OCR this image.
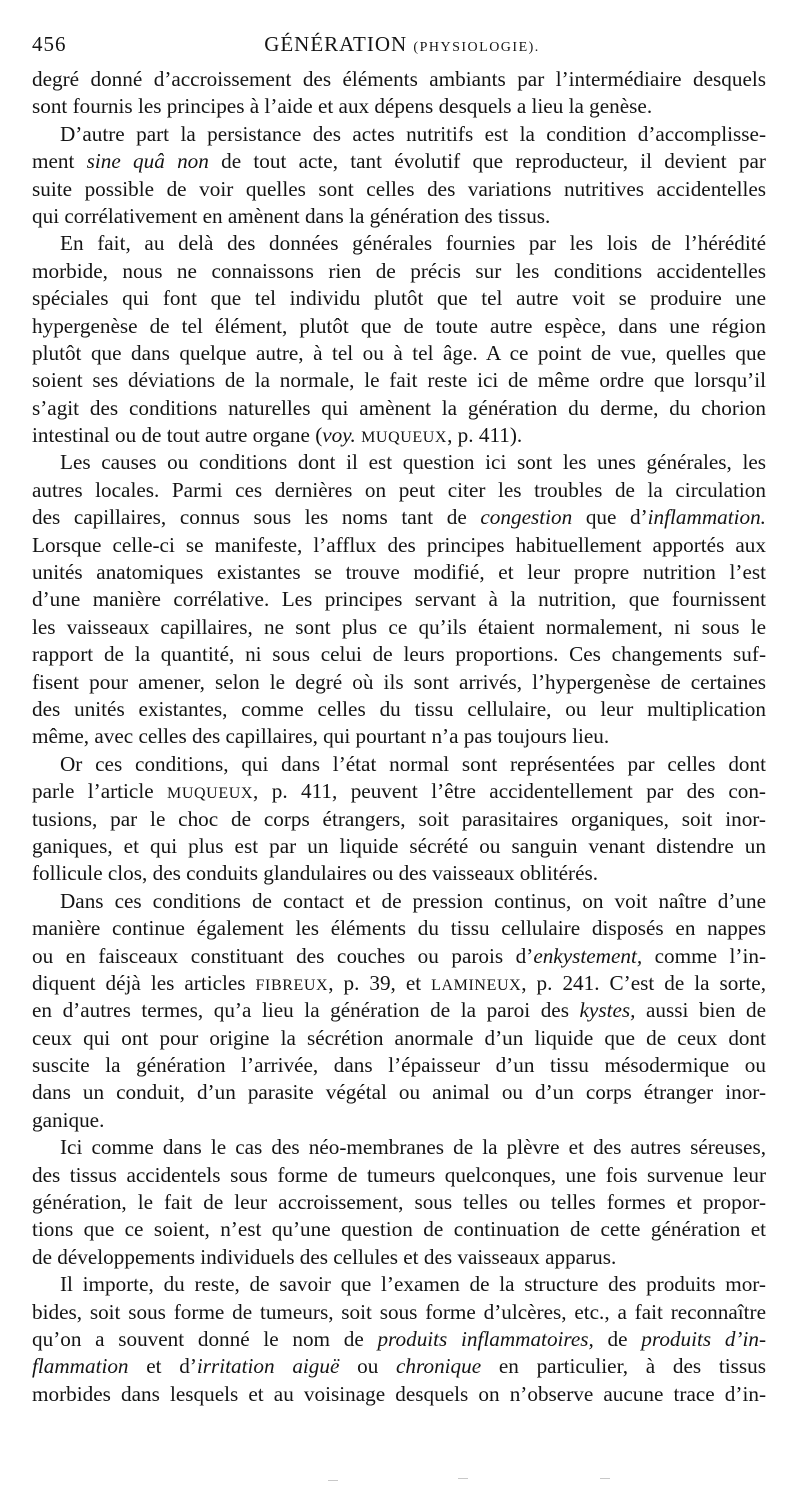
456	GÉNÉRATION (PHYSIOLOGIE).
degré donné d’accroissement des éléments ambiants par l’intermédiaire desquels
sont fournis les principes à l’aide et aux dépens desquels a lieu la genèse.
D’autre part la persistance des actes nutritifs est la condition d’accomplisse-
ment sine quâ non de tout acte, tant évolutif que reproducteur, il devient par
suite possible de voir quelles sont celles des variations nutritives accidentelles
qui corrélativement en amènent dans la génération des tissus.
En fait, au delà des données générales fournies par les lois de l’hérédité
morbide, nous ne connaissons rien de précis sur les conditions accidentelles
spéciales qui font que tel individu plutôt que tel autre voit se produire une
hypergenèse de tel élément, plutôt que de toute autre espèce, dans une région
plutôt que dans quelque autre, à tel ou à tel âge. A ce point de vue, quelles que
soient ses déviations de la normale, le fait reste ici de même ordre que lorsqu’il
s’agit des conditions naturelles qui amènent la génération du derme, du chorion
intestinal ou de tout autre organe (voy. MUQUEUX, p. 411).
Les causes ou conditions dont il est question ici sont les unes générales, les
autres locales. Parmi ces dernières on peut citer les troubles de la circulation
des capillaires, connus sous les noms tant de congestion que d’inflammation.
Lorsque celle-ci se manifeste, l’afflux des principes habituellement apportés aux
unités anatomiques existantes se trouve modifié, et leur propre nutrition l’est
d’une manière corrélative. Les principes servant à la nutrition, que fournissent
les vaisseaux capillaires, ne sont plus ce qu’ils étaient normalement, ni sous le
rapport de la quantité, ni sous celui de leurs proportions. Ces changements suf-
fisent pour amener, selon le degré où ils sont arrivés, l’hypergenèse de certaines
des unités existantes, comme celles du tissu cellulaire, ou leur multiplication
même, avec celles des capillaires, qui pourtant n’a pas toujours lieu.
Or ces conditions, qui dans l’état normal sont représentées par celles dont
parle l’article MUQUEUX, p. 411, peuvent l’être accidentellement par des con-
tusions, par le choc de corps étrangers, soit parasitaires organiques, soit inor-
ganiques, et qui plus est par un liquide sécrété ou sanguin venant distendre un
follicule clos, des conduits glandulaires ou des vaisseaux oblitérés.
Dans ces conditions de contact et de pression continus, on voit naître d’une
manière continue également les éléments du tissu cellulaire disposés en nappes
ou en faisceaux constituant des couches ou parois d’enkystement, comme l’in-
diquent déjà les articles FIBREUX, p. 39, et LAMINEUX, p. 241. C’est de la sorte,
en d’autres termes, qu’a lieu la génération de la paroi des kystes, aussi bien de
ceux qui ont pour origine la sécrétion anormale d’un liquide que de ceux dont
suscite la génération l’arrivée, dans l’épaisseur d’un tissu mésodermique ou
dans un conduit, d’un parasite végétal ou animal ou d’un corps étranger inor-
ganique.
Ici comme dans le cas des néo-membranes de la plèvre et des autres séreuses,
des tissus accidentels sous forme de tumeurs quelconques, une fois survenue leur
génération, le fait de leur accroissement, sous telles ou telles formes et propor-
tions que ce soient, n’est qu’une question de continuation de cette génération et
de développements individuels des cellules et des vaisseaux apparus.
Il importe, du reste, de savoir que l’examen de la structure des produits mor-
bides, soit sous forme de tumeurs, soit sous forme d’ulcères, etc., a fait reconnaître
qu’on a souvent donné le nom de produits inflammatoires, de produits d’in-
flammation et d’irritation aiguë ou chronique en particulier, à des tissus
morbides dans lesquels et au voisinage desquels on n’observe aucune trace d’in-
